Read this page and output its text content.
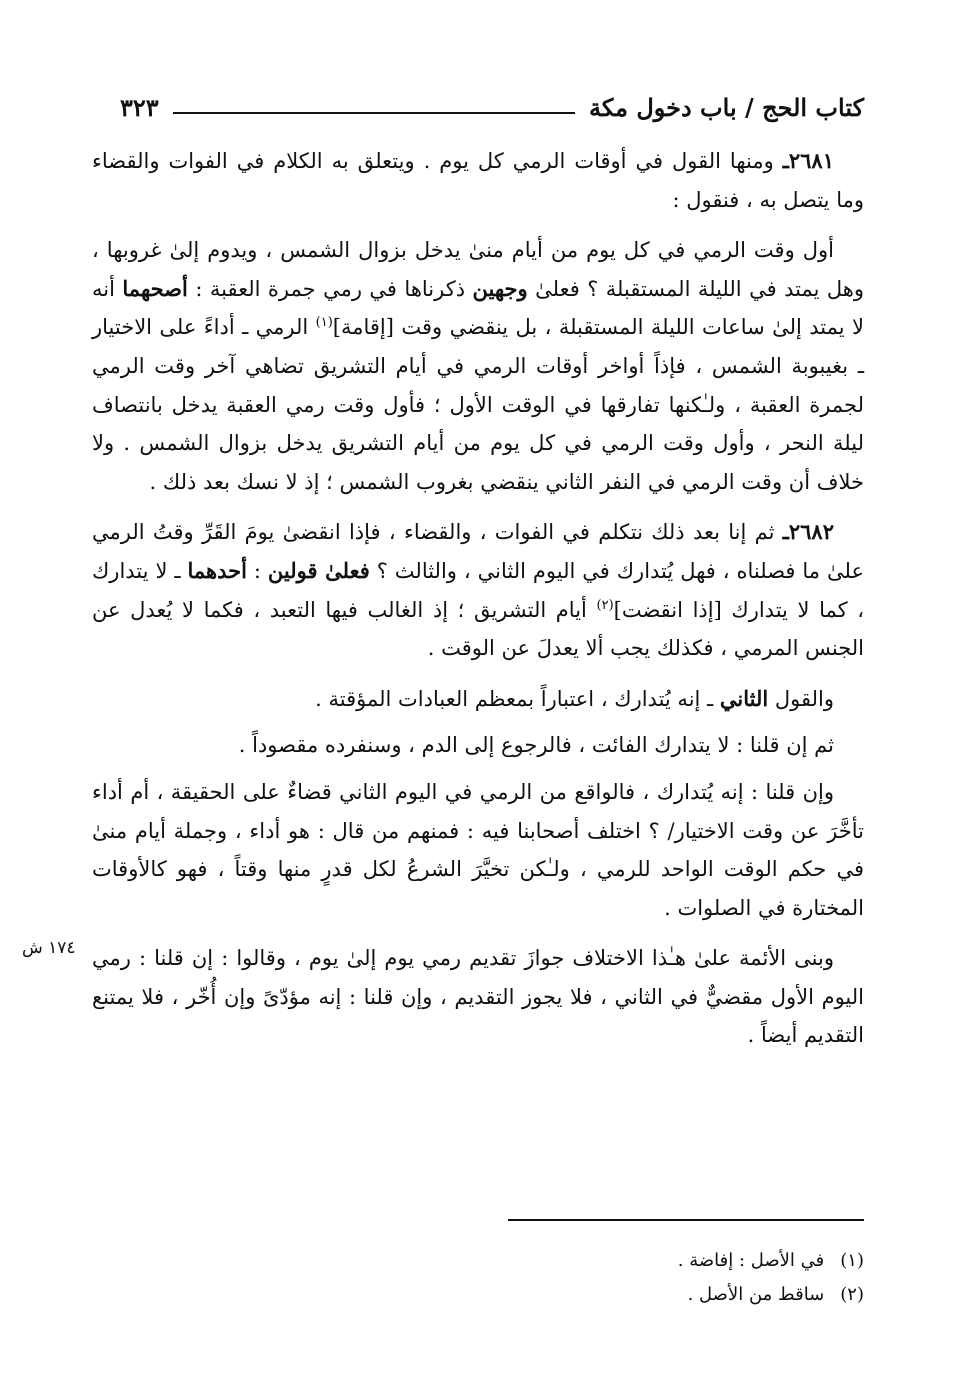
كتاب الحج / باب دخول مكة
٣٢٣
١٧٤ ش

٢٦٨١ـ ومنها القول في أوقات الرمي كل يوم . ويتعلق به الكلام في الفوات والقضاء وما يتصل به ، فنقول :

أول وقت الرمي في كل يوم من أيام منىٰ يدخل بزوال الشمس ، ويدوم إلىٰ غروبها ، وهل يمتد في الليلة المستقبلة ؟ فعلىٰ وجهين ذكرناها في رمي جمرة العقبة : أصحهما أنه لا يمتد إلىٰ ساعات الليلة المستقبلة ، بل ينقضي وقت [إقامة]$^{(١)}$ الرمي ـ أداءً على الاختيار ـ بغيبوبة الشمس ، فإذاً أواخر أوقات الرمي في أيام التشريق تضاهي آخر وقت الرمي لجمرة العقبة ، ولـٰكنها تفارقها في الوقت الأول ؛ فأول وقت رمي العقبة يدخل بانتصاف ليلة النحر ، وأول وقت الرمي في كل يوم من أيام التشريق يدخل بزوال الشمس . ولا خلاف أن وقت الرمي في النفر الثاني ينقضي بغروب الشمس ؛ إذ لا نسك بعد ذلك .

٢٦٨٢ـ ثم إنا بعد ذلك نتكلم في الفوات ، والقضاء ، فإذا انقضىٰ يومَ القَرِّ وقتُ الرمي علىٰ ما فصلناه ، فهل يُتدارك في اليوم الثاني ، والثالث ؟ فعلىٰ قولين : أحدهما ـ لا يتدارك ، كما لا يتدارك [إذا انقضت]$^{(٢)}$ أيام التشريق ؛ إذ الغالب فيها التعبد ، فكما لا يُعدل عن الجنس المرمي ، فكذلك يجب ألا يعدلَ عن الوقت .

والقول الثاني ـ إنه يُتدارك ، اعتباراً بمعظم العبادات المؤقتة .

ثم إن قلنا : لا يتدارك الفائت ، فالرجوع إلى الدم ، وسنفرده مقصوداً .

وإن قلنا : إنه يُتدارك ، فالواقع من الرمي في اليوم الثاني قضاءٌ على الحقيقة ، أم أداء تأخَّرَ عن وقت الاختيار/ ؟ اختلف أصحابنا فيه : فمنهم من قال : هو أداء ، وجملة أيام منىٰ في حكم الوقت الواحد للرمي ، ولـٰكن تخيَّرَ الشرعُ لكل قدرٍ منها وقتاً ، فهو كالأوقات المختارة في الصلوات .

وبنى الأئمة علىٰ هـٰذا الاختلاف جوازَ تقديم رمي يوم إلىٰ يوم ، وقالوا : إن قلنا : رمي اليوم الأول مقضيٌّ في الثاني ، فلا يجوز التقديم ، وإن قلنا : إنه مؤدّىً وإن أُخّر ، فلا يمتنع التقديم أيضاً .

(١)
في الأصل : إفاضة .
(٢)
ساقط من الأصل .
